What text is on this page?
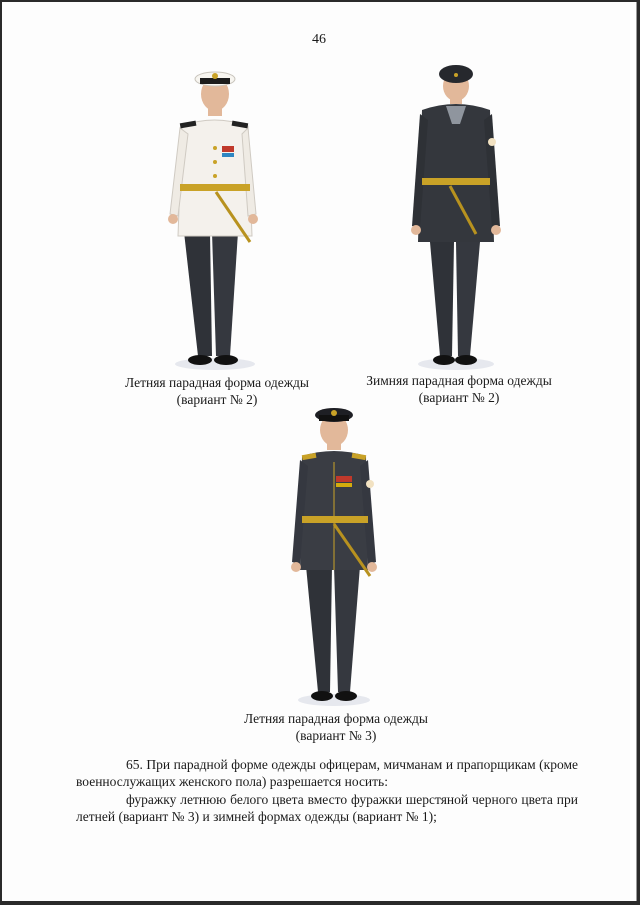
46
Летняя парадная форма одежды
(вариант № 2)
Зимняя парадная форма одежды
(вариант № 2)
Летняя парадная форма одежды
(вариант № 3)

65. При парадной форме одежды офицерам, мичманам и прапорщикам (кроме военнослужащих женского пола) разрешается носить:

фуражку летнюю белого цвета вместо фуражки шерстяной черного цвета при летней (вариант № 3) и зимней формах одежды (вариант № 1);
